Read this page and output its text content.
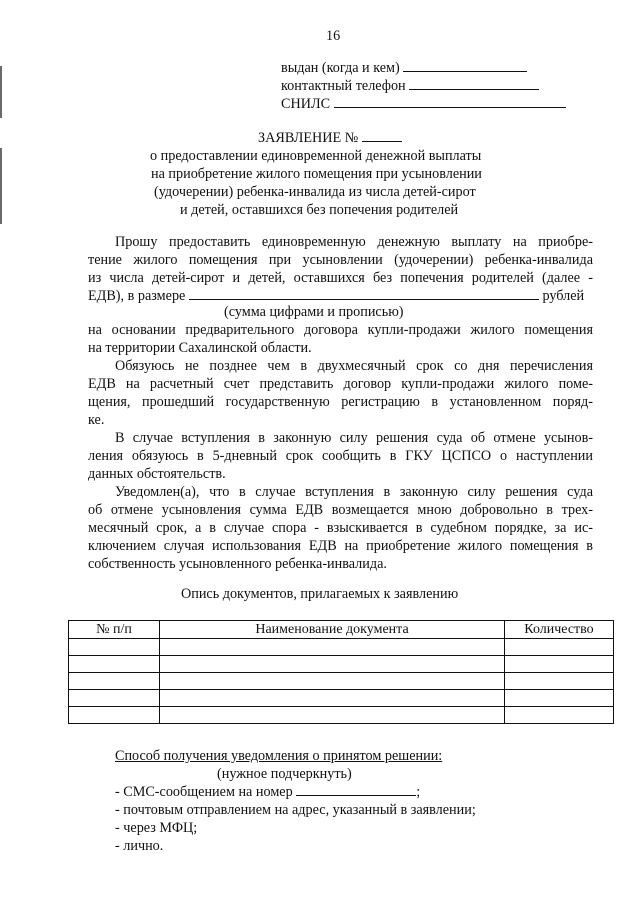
16
выдан (когда и кем)
контактный телефон
СНИЛС
ЗАЯВЛЕНИЕ №
о предоставлении единовременной денежной выплаты
на приобретение жилого помещения при усыновлении
(удочерении) ребенка-инвалида из числа детей-сирот
и детей, оставшихся без попечения родителей
Прошу предоставить единовременную денежную выплату на приобре-
тение жилого помещения при усыновлении (удочерении) ребенка-инвалида
из числа детей-сирот и детей, оставшихся без попечения родителей (далее -
ЕДВ), в размере	рублей
(сумма цифрами и прописью)
на основании предварительного договора купли-продажи жилого помещения
на территории Сахалинской области.
Обязуюсь не позднее чем в двухмесячный срок со дня перечисления
ЕДВ на расчетный счет представить договор купли-продажи жилого поме-
щения, прошедший государственную регистрацию в установленном поряд-
ке.
В случае вступления в законную силу решения суда об отмене усынов-
ления обязуюсь в 5-дневный срок сообщить в ГКУ ЦСПСО о наступлении
данных обстоятельств.
Уведомлен(а), что в случае вступления в законную силу решения суда
об отмене усыновления сумма ЕДВ возмещается мною добровольно в трех-
месячный срок, а в случае спора - взыскивается в судебном порядке, за ис-
ключением случая использования ЕДВ на приобретение жилого помещения в
собственность усыновленного ребенка-инвалида.
Опись документов, прилагаемых к заявлению
№ п/п	Наименование документа	Количество

Способ получения уведомления о принятом решении:
(нужное подчеркнуть)
- СМС-сообщением на номер	;
- почтовым отправлением на адрес, указанный в заявлении;
- через МФЦ;
- лично.
